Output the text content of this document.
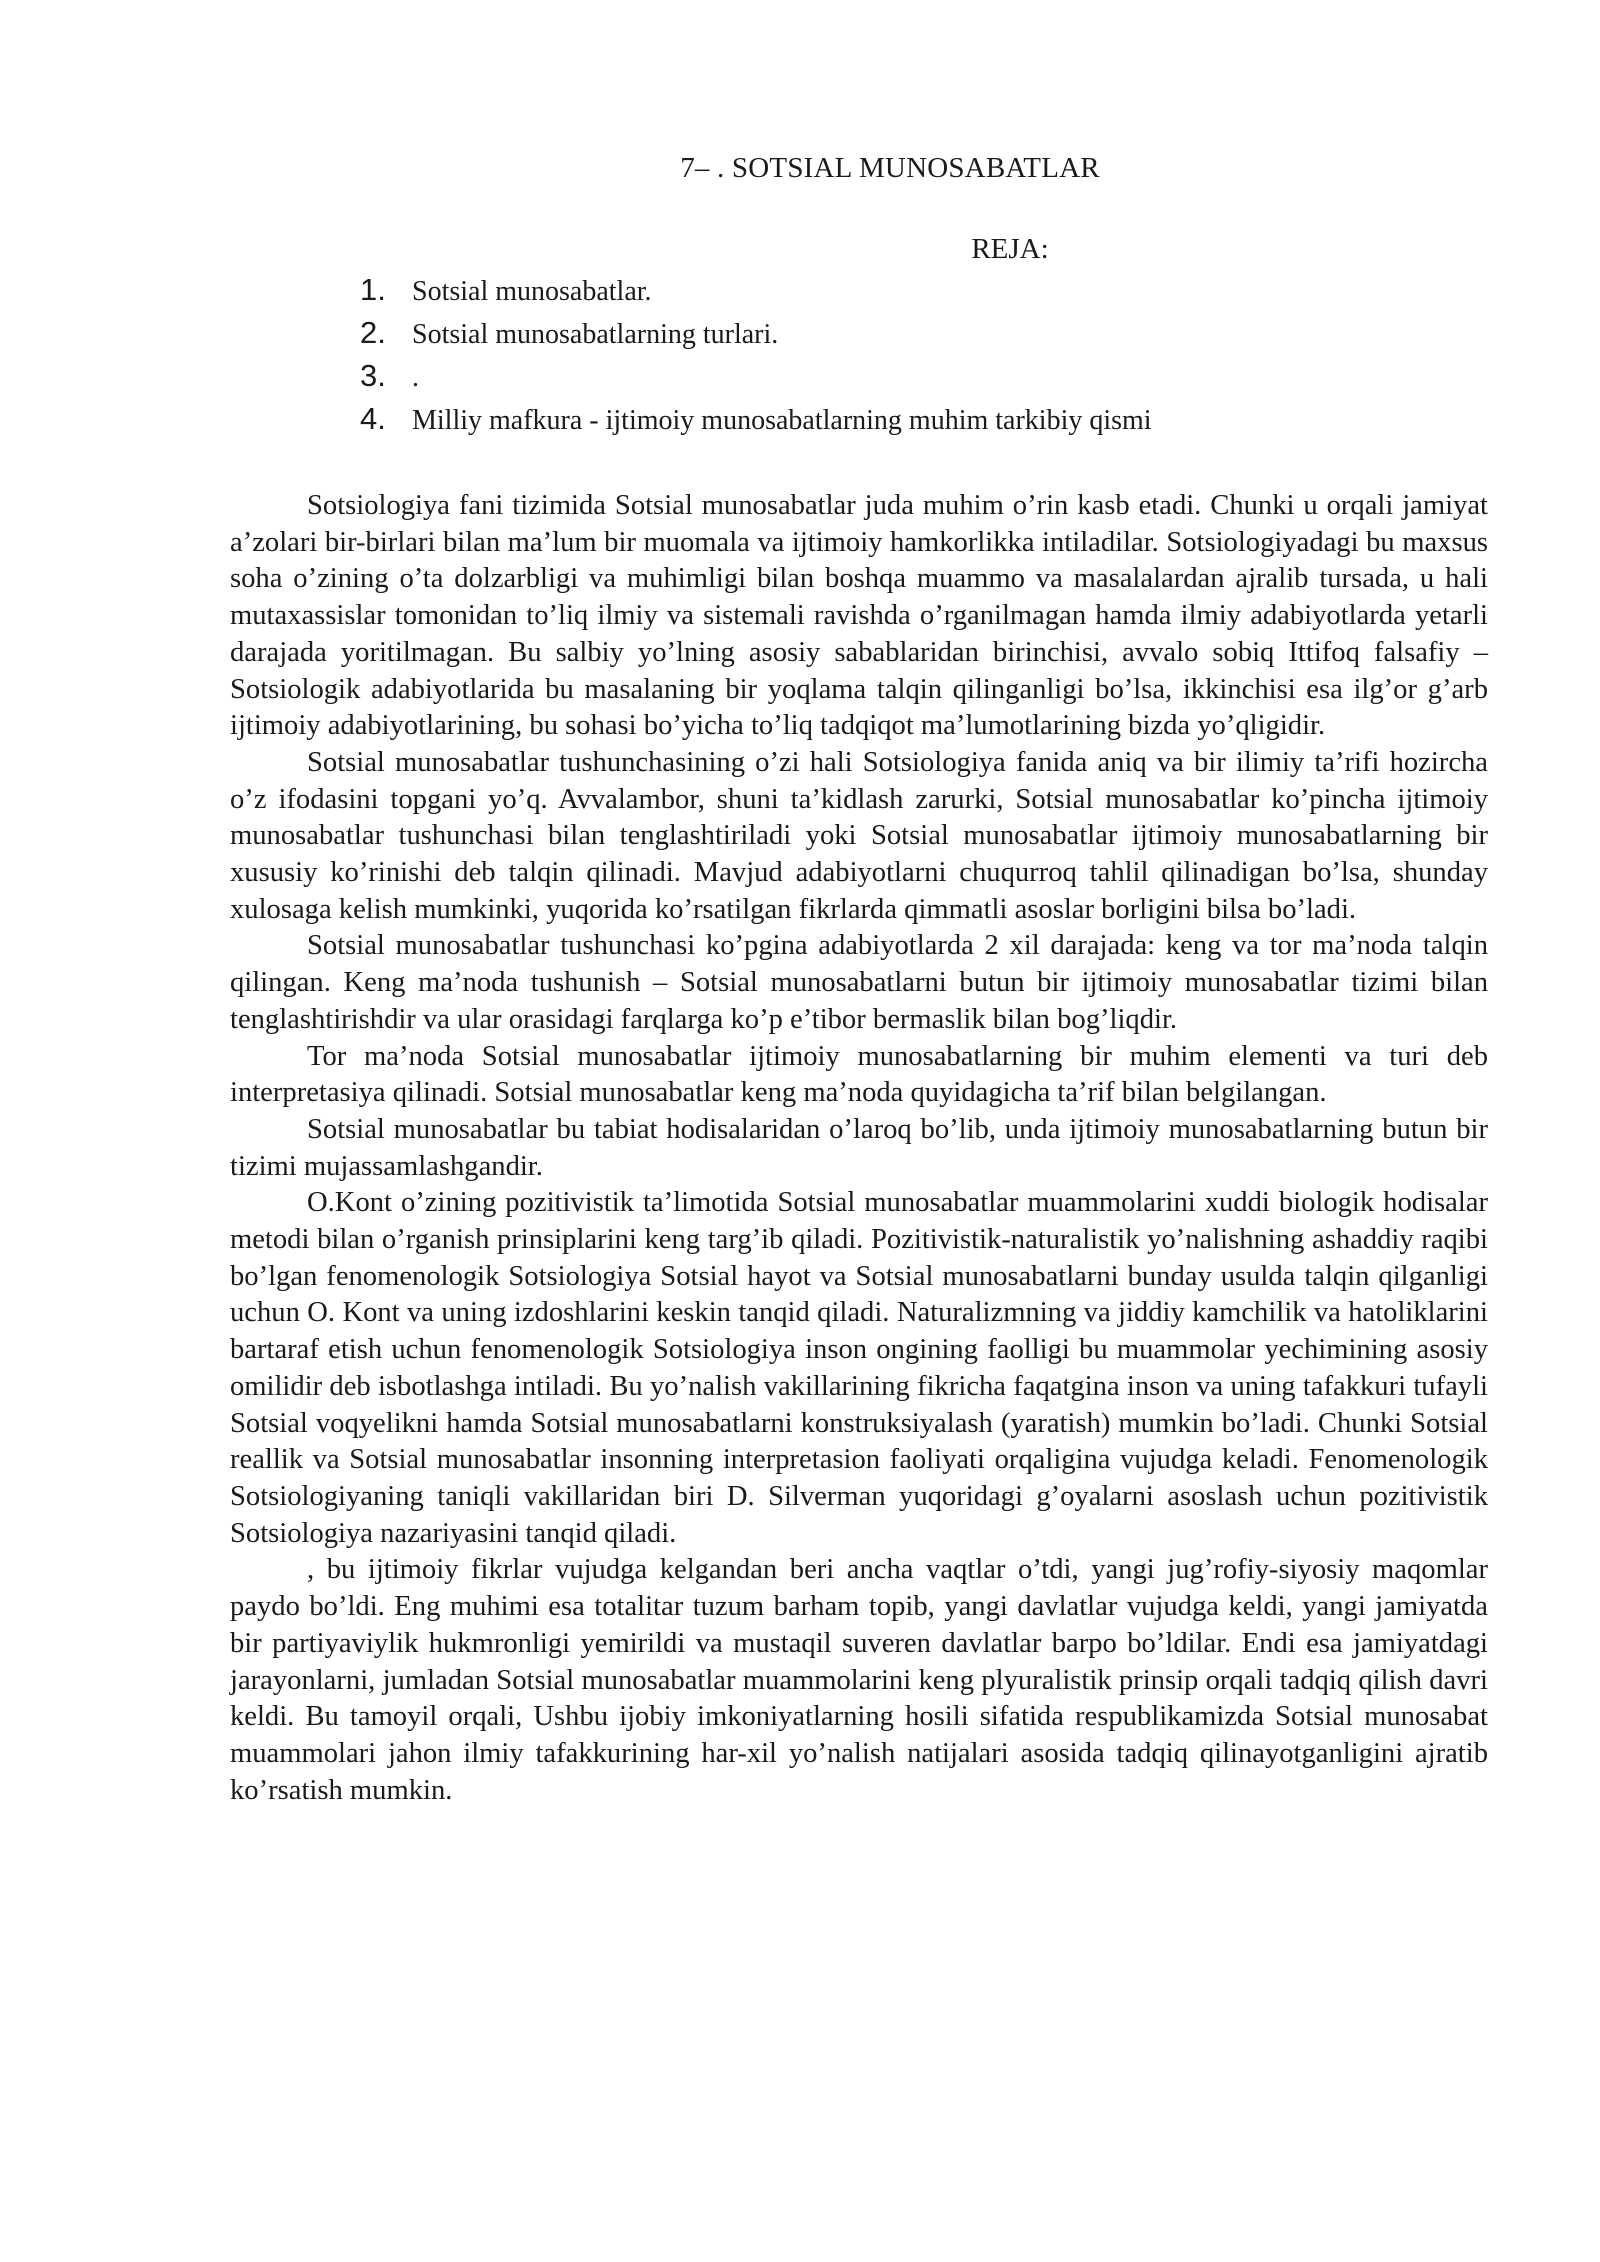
7– . SOTSIAL MUNOSABATLAR
REJA:
1. Sotsial munosabatlar.
2. Sotsial munosabatlarning turlari.
3. .
4. Milliy mafkura - ijtimoiy munosabatlarning muhim tarkibiy qismi

Sotsiologiya fani tizimida Sotsial munosabatlar juda muhim o’rin kasb etadi. Chunki u orqali jamiyat a’zolari bir-birlari bilan ma’lum bir muomala va ijtimoiy hamkorlikka intiladilar. Sotsiologiyadagi bu maxsus soha o’zining o’ta dolzarbligi va muhimligi bilan boshqa muammo va masalalardan ajralib tursada, u hali mutaxassislar tomonidan to’liq ilmiy va sistemali ravishda o’rganilmagan hamda ilmiy adabiyotlarda yetarli darajada yoritilmagan. Bu salbiy yo’lning asosiy sabablaridan birinchisi, avvalo sobiq Ittifoq falsafiy – Sotsiologik adabiyotlarida bu masalaning bir yoqlama talqin qilinganligi bo’lsa, ikkinchisi esa ilg’or g’arb ijtimoiy adabiyotlarining, bu sohasi bo’yicha to’liq tadqiqot ma’lumotlarining bizda yo’qligidir.

Sotsial munosabatlar tushunchasining o’zi hali Sotsiologiya fanida aniq va bir ilimiy ta’rifi hozircha o’z ifodasini topgani yo’q. Avvalambor, shuni ta’kidlash zarurki, Sotsial munosabatlar ko’pincha ijtimoiy munosabatlar tushunchasi bilan tenglashtiriladi yoki Sotsial munosabatlar ijtimoiy munosabatlarning bir xususiy ko’rinishi deb talqin qilinadi. Mavjud adabiyotlarni chuqurroq tahlil qilinadigan bo’lsa, shunday xulosaga kelish mumkinki, yuqorida ko’rsatilgan fikrlarda qimmatli asoslar borligini bilsa bo’ladi.

Sotsial munosabatlar tushunchasi ko’pgina adabiyotlarda 2 xil darajada: keng va tor ma’noda talqin qilingan. Keng ma’noda tushunish – Sotsial munosabatlarni butun bir ijtimoiy munosabatlar tizimi bilan tenglashtirishdir va ular orasidagi farqlarga ko’p e’tibor bermaslik bilan bog’liqdir.

Tor ma’noda Sotsial munosabatlar ijtimoiy munosabatlarning bir muhim elementi va turi deb interpretasiya qilinadi. Sotsial munosabatlar keng ma’noda quyidagicha ta’rif bilan belgilangan.

Sotsial munosabatlar bu tabiat hodisalaridan o’laroq bo’lib, unda ijtimoiy munosabatlarning butun bir tizimi mujassamlashgandir.

O.Kont o’zining pozitivistik ta’limotida Sotsial munosabatlar muammolarini xuddi biologik hodisalar metodi bilan o’rganish prinsiplarini keng targ’ib qiladi. Pozitivistik-naturalistik yo’nalishning ashaddiy raqibi bo’lgan fenomenologik Sotsiologiya Sotsial hayot va Sotsial munosabatlarni bunday usulda talqin qilganligi uchun O. Kont va uning izdoshlarini keskin tanqid qiladi. Naturalizmning va jiddiy kamchilik va hatoliklarini bartaraf etish uchun fenomenologik Sotsiologiya inson ongining faolligi bu muammolar yechimining asosiy omilidir deb isbotlashga intiladi. Bu yo’nalish vakillarining fikricha faqatgina inson va uning tafakkuri tufayli Sotsial voqyelikni hamda Sotsial munosabatlarni konstruksiyalash (yaratish) mumkin bo’ladi. Chunki Sotsial reallik va Sotsial munosabatlar insonning interpretasion faoliyati orqaligina vujudga keladi. Fenomenologik Sotsiologiyaning taniqli vakillaridan biri D. Silverman yuqoridagi g’oyalarni asoslash uchun pozitivistik Sotsiologiya nazariyasini tanqid qiladi.

, bu ijtimoiy fikrlar vujudga kelgandan beri ancha vaqtlar o’tdi, yangi jug’rofiy-siyosiy maqomlar paydo bo’ldi. Eng muhimi esa totalitar tuzum barham topib, yangi davlatlar vujudga keldi, yangi jamiyatda bir partiyaviylik hukmronligi yemirildi va mustaqil suveren davlatlar barpo bo’ldilar. Endi esa jamiyatdagi jarayonlarni, jumladan Sotsial munosabatlar muammolarini keng plyuralistik prinsip orqali tadqiq qilish davri keldi. Bu tamoyil orqali, Ushbu ijobiy imkoniyatlarning hosili sifatida respublikamizda Sotsial munosabat muammolari jahon ilmiy tafakkurining har-xil yo’nalish natijalari asosida tadqiq qilinayotganligini ajratib ko’rsatish mumkin.
